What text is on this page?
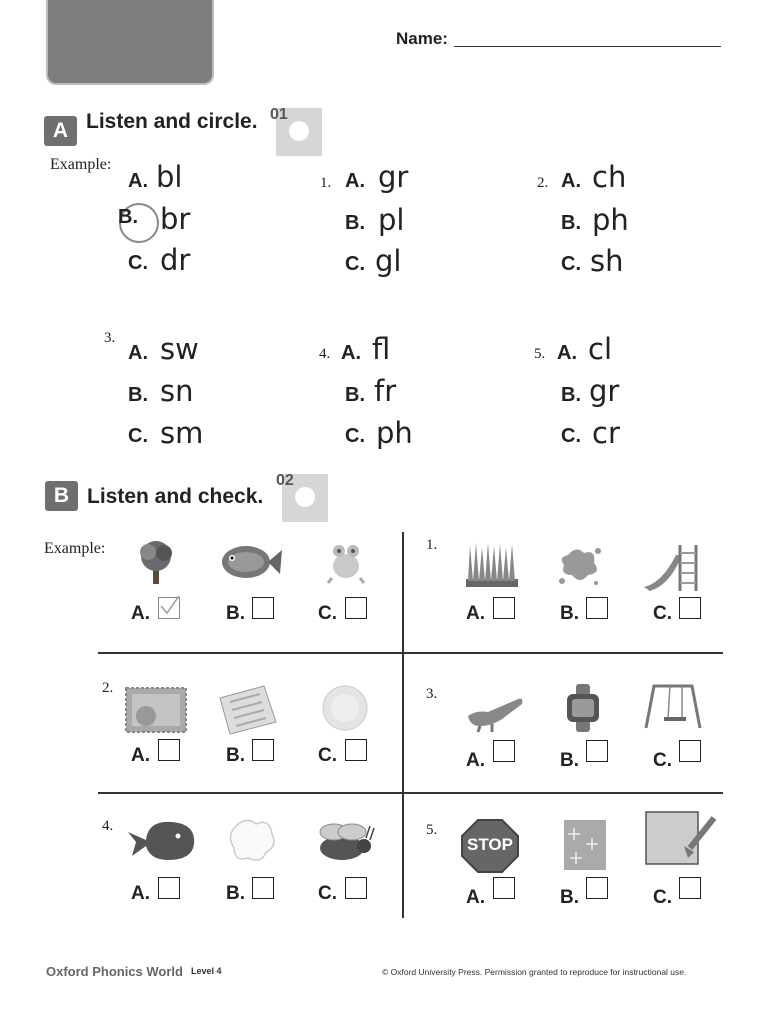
Name:
A Listen and circle. 01
Example:
A. bl
B. br
C. dr
1. A. gr
B. pl
C. gl
2. A. ch
B. ph
C. sh
3.
A. sw
B. sn
C. sm
4. A. fl
B. fr
C. ph
5. A. cl
B. gr
C. cr
B Listen and check.
02
Example:
A.	B.	C.
1.
A.	B.	C.
2.
A.	B.	C.
3.
A.	B.	C.
4.
A.	B.	C.
5.
STOP
A.	B.	C.
Oxford Phonics World Level 4	© Oxford University Press. Permission granted to reproduce for instructional use.
